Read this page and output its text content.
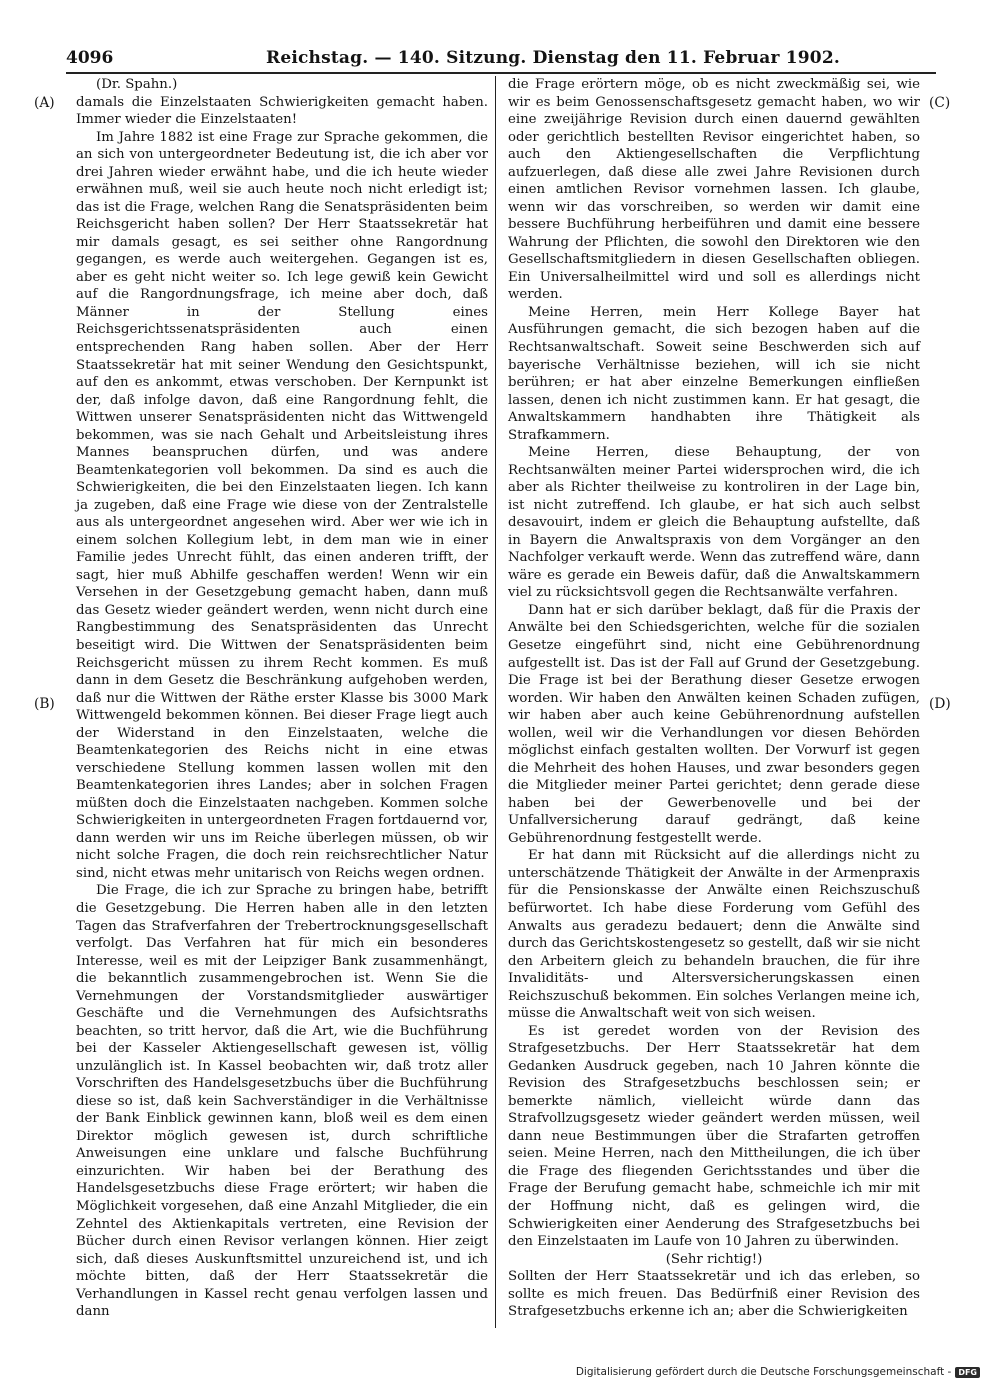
4096	Reichstag. — 140. Sitzung. Dienstag den 11. Februar 1902.
(A)
(B)
(C)
(D)

(Dr. Spahn.)

damals die Einzelstaaten Schwierigkeiten gemacht haben. Immer wieder die Einzelstaaten!

Im Jahre 1882 ist eine Frage zur Sprache gekommen, die an sich von untergeordneter Bedeutung ist, die ich aber vor drei Jahren wieder erwähnt habe, und die ich heute wieder erwähnen muß, weil sie auch heute noch nicht erledigt ist; das ist die Frage, welchen Rang die Senatspräsidenten beim Reichsgericht haben sollen? Der Herr Staatssekretär hat mir damals gesagt, es sei seither ohne Rangordnung gegangen, es werde auch weitergehen. Gegangen ist es, aber es geht nicht weiter so. Ich lege gewiß kein Gewicht auf die Rangordnungsfrage, ich meine aber doch, daß Männer in der Stellung eines Reichsgerichtssenatspräsidenten auch einen entsprechenden Rang haben sollen. Aber der Herr Staatssekretär hat mit seiner Wendung den Gesichtspunkt, auf den es ankommt, etwas verschoben. Der Kernpunkt ist der, daß infolge davon, daß eine Rangordnung fehlt, die Wittwen unserer Senatspräsidenten nicht das Wittwengeld bekommen, was sie nach Gehalt und Arbeitsleistung ihres Mannes beanspruchen dürfen, und was andere Beamtenkategorien voll bekommen. Da sind es auch die Schwierigkeiten, die bei den Einzelstaaten liegen. Ich kann ja zugeben, daß eine Frage wie diese von der Zentralstelle aus als untergeordnet angesehen wird. Aber wer wie ich in einem solchen Kollegium lebt, in dem man wie in einer Familie jedes Unrecht fühlt, das einen anderen trifft, der sagt, hier muß Abhilfe geschaffen werden! Wenn wir ein Versehen in der Gesetzgebung gemacht haben, dann muß das Gesetz wieder geändert werden, wenn nicht durch eine Rangbestimmung des Senatspräsidenten das Unrecht beseitigt wird. Die Wittwen der Senatspräsidenten beim Reichsgericht müssen zu ihrem Recht kommen. Es muß dann in dem Gesetz die Beschränkung aufgehoben werden, daß nur die Wittwen der Räthe erster Klasse bis 3000 Mark Wittwengeld bekommen können. Bei dieser Frage liegt auch der Widerstand in den Einzelstaaten, welche die Beamtenkategorien des Reichs nicht in eine etwas verschiedene Stellung kommen lassen wollen mit den Beamtenkategorien ihres Landes; aber in solchen Fragen müßten doch die Einzelstaaten nachgeben. Kommen solche Schwierigkeiten in untergeordneten Fragen fortdauernd vor, dann werden wir uns im Reiche überlegen müssen, ob wir nicht solche Fragen, die doch rein reichsrechtlicher Natur sind, nicht etwas mehr unitarisch von Reichs wegen ordnen.

Die Frage, die ich zur Sprache zu bringen habe, betrifft die Gesetzgebung. Die Herren haben alle in den letzten Tagen das Strafverfahren der Trebertrocknungsgesellschaft verfolgt. Das Verfahren hat für mich ein besonderes Interesse, weil es mit der Leipziger Bank zusammenhängt, die bekanntlich zusammengebrochen ist. Wenn Sie die Vernehmungen der Vorstandsmitglieder auswärtiger Geschäfte und die Vernehmungen des Aufsichtsraths beachten, so tritt hervor, daß die Art, wie die Buchführung bei der Kasseler Aktiengesellschaft gewesen ist, völlig unzulänglich ist. In Kassel beobachten wir, daß trotz aller Vorschriften des Handelsgesetzbuchs über die Buchführung diese so ist, daß kein Sachverständiger in die Verhältnisse der Bank Einblick gewinnen kann, bloß weil es dem einen Direktor möglich gewesen ist, durch schriftliche Anweisungen eine unklare und falsche Buchführung einzurichten. Wir haben bei der Berathung des Handelsgesetzbuchs diese Frage erörtert; wir haben die Möglichkeit vorgesehen, daß eine Anzahl Mitglieder, die ein Zehntel des Aktienkapitals vertreten, eine Revision der Bücher durch einen Revisor verlangen können. Hier zeigt sich, daß dieses Auskunftsmittel unzureichend ist, und ich möchte bitten, daß der Herr Staatssekretär die Verhandlungen in Kassel recht genau verfolgen lassen und dann

die Frage erörtern möge, ob es nicht zweckmäßig sei, wie wir es beim Genossenschaftsgesetz gemacht haben, wo wir eine zweijährige Revision durch einen dauernd gewählten oder gerichtlich bestellten Revisor eingerichtet haben, so auch den Aktiengesellschaften die Verpflichtung aufzuerlegen, daß diese alle zwei Jahre Revisionen durch einen amtlichen Revisor vornehmen lassen. Ich glaube, wenn wir das vorschreiben, so werden wir damit eine bessere Buchführung herbeiführen und damit eine bessere Wahrung der Pflichten, die sowohl den Direktoren wie den Gesellschaftsmitgliedern in diesen Gesellschaften obliegen. Ein Universalheilmittel wird und soll es allerdings nicht werden.

Meine Herren, mein Herr Kollege Bayer hat Ausführungen gemacht, die sich bezogen haben auf die Rechtsanwaltschaft. Soweit seine Beschwerden sich auf bayerische Verhältnisse beziehen, will ich sie nicht berühren; er hat aber einzelne Bemerkungen einfließen lassen, denen ich nicht zustimmen kann. Er hat gesagt, die Anwaltskammern handhabten ihre Thätigkeit als Strafkammern.

Meine Herren, diese Behauptung, der von Rechtsanwälten meiner Partei widersprochen wird, die ich aber als Richter theilweise zu kontroliren in der Lage bin, ist nicht zutreffend. Ich glaube, er hat sich auch selbst desavouirt, indem er gleich die Behauptung aufstellte, daß in Bayern die Anwaltspraxis von dem Vorgänger an den Nachfolger verkauft werde. Wenn das zutreffend wäre, dann wäre es gerade ein Beweis dafür, daß die Anwaltskammern viel zu rücksichtsvoll gegen die Rechtsanwälte verfahren.

Dann hat er sich darüber beklagt, daß für die Praxis der Anwälte bei den Schiedsgerichten, welche für die sozialen Gesetze eingeführt sind, nicht eine Gebührenordnung aufgestellt ist. Das ist der Fall auf Grund der Gesetzgebung. Die Frage ist bei der Berathung dieser Gesetze erwogen worden. Wir haben den Anwälten keinen Schaden zufügen, wir haben aber auch keine Gebührenordnung aufstellen wollen, weil wir die Verhandlungen vor diesen Behörden möglichst einfach gestalten wollten. Der Vorwurf ist gegen die Mehrheit des hohen Hauses, und zwar besonders gegen die Mitglieder meiner Partei gerichtet; denn gerade diese haben bei der Gewerbenovelle und bei der Unfallversicherung darauf gedrängt, daß keine Gebührenordnung festgestellt werde.

Er hat dann mit Rücksicht auf die allerdings nicht zu unterschätzende Thätigkeit der Anwälte in der Armenpraxis für die Pensionskasse der Anwälte einen Reichszuschuß befürwortet. Ich habe diese Forderung vom Gefühl des Anwalts aus geradezu bedauert; denn die Anwälte sind durch das Gerichtskostengesetz so gestellt, daß wir sie nicht den Arbeitern gleich zu behandeln brauchen, die für ihre Invaliditäts- und Altersversicherungskassen einen Reichszuschuß bekommen. Ein solches Verlangen meine ich, müsse die Anwaltschaft weit von sich weisen.

Es ist geredet worden von der Revision des Strafgesetzbuchs. Der Herr Staatssekretär hat dem Gedanken Ausdruck gegeben, nach 10 Jahren könnte die Revision des Strafgesetzbuchs beschlossen sein; er bemerkte nämlich, vielleicht würde dann das Strafvollzugsgesetz wieder geändert werden müssen, weil dann neue Bestimmungen über die Strafarten getroffen seien. Meine Herren, nach den Mittheilungen, die ich über die Frage des fliegenden Gerichtsstandes und über die Frage der Berufung gemacht habe, schmeichle ich mir mit der Hoffnung nicht, daß es gelingen wird, die Schwierigkeiten einer Aenderung des Strafgesetzbuchs bei den Einzelstaaten im Laufe von 10 Jahren zu überwinden.

(Sehr richtig!)

Sollten der Herr Staatssekretär und ich das erleben, so sollte es mich freuen. Das Bedürfniß einer Revision des Strafgesetzbuchs erkenne ich an; aber die Schwierigkeiten

Digitalisierung gefördert durch die Deutsche Forschungsgemeinschaft - DFG
